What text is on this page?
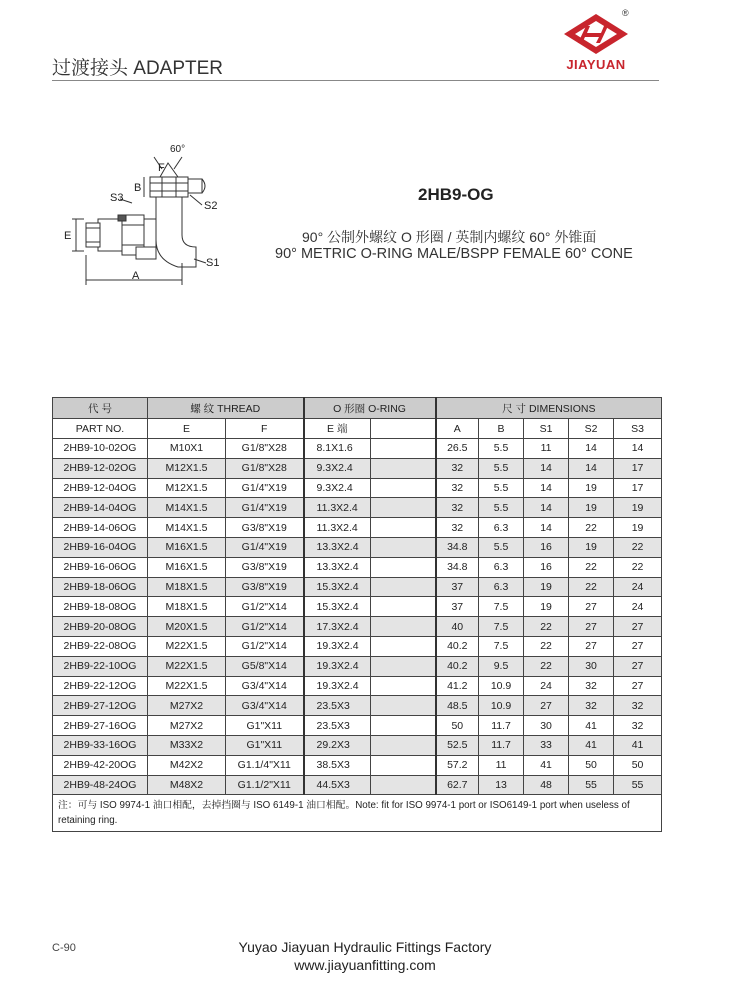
过渡接头 ADAPTER
®
JIAYUAN
60°
F
B
S3
S2
E
S1
A
2HB9-OG
90° 公制外螺纹 O 形圈 / 英制内螺纹 60° 外锥面
90° METRIC O-RING MALE/BSPP FEMALE 60° CONE
代 号	螺 纹 THREAD		O 形圈 O-RING		尺 寸 DIMENSIONS				
PART NO.	E	F	E 端		A	B	S1	S2	S3
2HB9-10-02OG	M10X1	G1/8"X28	8.1X1.6		26.5	5.5	11	14	14
2HB9-12-02OG	M12X1.5	G1/8"X28	9.3X2.4		32	5.5	14	14	17
2HB9-12-04OG	M12X1.5	G1/4"X19	9.3X2.4		32	5.5	14	19	17
2HB9-14-04OG	M14X1.5	G1/4"X19	11.3X2.4		32	5.5	14	19	19
2HB9-14-06OG	M14X1.5	G3/8"X19	11.3X2.4		32	6.3	14	22	19
2HB9-16-04OG	M16X1.5	G1/4"X19	13.3X2.4		34.8	5.5	16	19	22
2HB9-16-06OG	M16X1.5	G3/8"X19	13.3X2.4		34.8	6.3	16	22	22
2HB9-18-06OG	M18X1.5	G3/8"X19	15.3X2.4		37	6.3	19	22	24
2HB9-18-08OG	M18X1.5	G1/2"X14	15.3X2.4		37	7.5	19	27	24
2HB9-20-08OG	M20X1.5	G1/2"X14	17.3X2.4		40	7.5	22	27	27
2HB9-22-08OG	M22X1.5	G1/2"X14	19.3X2.4		40.2	7.5	22	27	27
2HB9-22-10OG	M22X1.5	G5/8"X14	19.3X2.4		40.2	9.5	22	30	27
2HB9-22-12OG	M22X1.5	G3/4"X14	19.3X2.4		41.2	10.9	24	32	27
2HB9-27-12OG	M27X2	G3/4"X14	23.5X3		48.5	10.9	27	32	32
2HB9-27-16OG	M27X2	G1"X11	23.5X3		50	11.7	30	41	32
2HB9-33-16OG	M33X2	G1"X11	29.2X3		52.5	11.7	33	41	41
2HB9-42-20OG	M42X2	G1.1/4"X11	38.5X3		57.2	11	41	50	50
2HB9-48-24OG	M48X2	G1.1/2"X11	44.5X3		62.7	13	48	55	55
注：可与 ISO 9974-1 油口相配，去掉挡圈与 ISO 6149-1 油口相配。Note: fit for ISO 9974-1 port or ISO6149-1 port when useless of retaining ring.									
C-90	Yuyao Jiayuan Hydraulic Fittings Factory
www.jiayuanfitting.com
